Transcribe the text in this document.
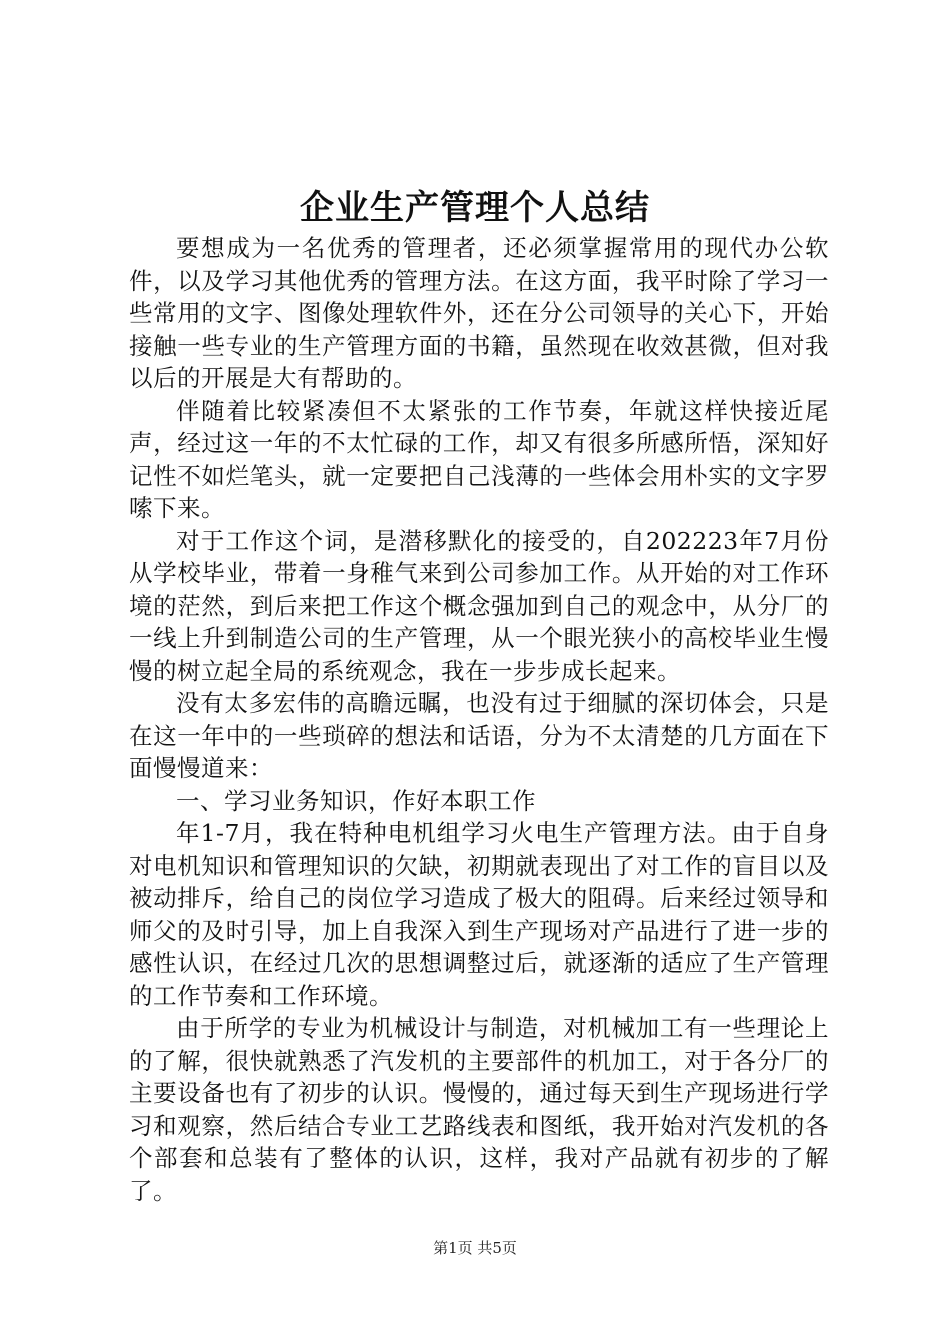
企业生产管理个人总结

要想成为一名优秀的管理者，还必须掌握常用的现代办公软件，以及学习其他优秀的管理方法。在这方面，我平时除了学习一些常用的文字、图像处理软件外，还在分公司领导的关心下，开始接触一些专业的生产管理方面的书籍，虽然现在收效甚微，但对我以后的开展是大有帮助的。

伴随着比较紧凑但不太紧张的工作节奏，年就这样快接近尾声，经过这一年的不太忙碌的工作，却又有很多所感所悟，深知好记性不如烂笔头，就一定要把自己浅薄的一些体会用朴实的文字罗嗦下来。

对于工作这个词，是潜移默化的接受的，自202223年7月份从学校毕业，带着一身稚气来到公司参加工作。从开始的对工作环境的茫然，到后来把工作这个概念强加到自己的观念中，从分厂的一线上升到制造公司的生产管理，从一个眼光狭小的高校毕业生慢慢的树立起全局的系统观念，我在一步步成长起来。

没有太多宏伟的高瞻远瞩，也没有过于细腻的深切体会，只是在这一年中的一些琐碎的想法和话语，分为不太清楚的几方面在下面慢慢道来：

一、学习业务知识，作好本职工作

年1-7月，我在特种电机组学习火电生产管理方法。由于自身对电机知识和管理知识的欠缺，初期就表现出了对工作的盲目以及被动排斥，给自己的岗位学习造成了极大的阻碍。后来经过领导和师父的及时引导，加上自我深入到生产现场对产品进行了进一步的感性认识，在经过几次的思想调整过后，就逐渐的适应了生产管理的工作节奏和工作环境。

由于所学的专业为机械设计与制造，对机械加工有一些理论上的了解，很快就熟悉了汽发机的主要部件的机加工，对于各分厂的主要设备也有了初步的认识。慢慢的，通过每天到生产现场进行学习和观察，然后结合专业工艺路线表和图纸，我开始对汽发机的各个部套和总装有了整体的认识，这样，我对产品就有初步的了解了。

第1页 共5页
